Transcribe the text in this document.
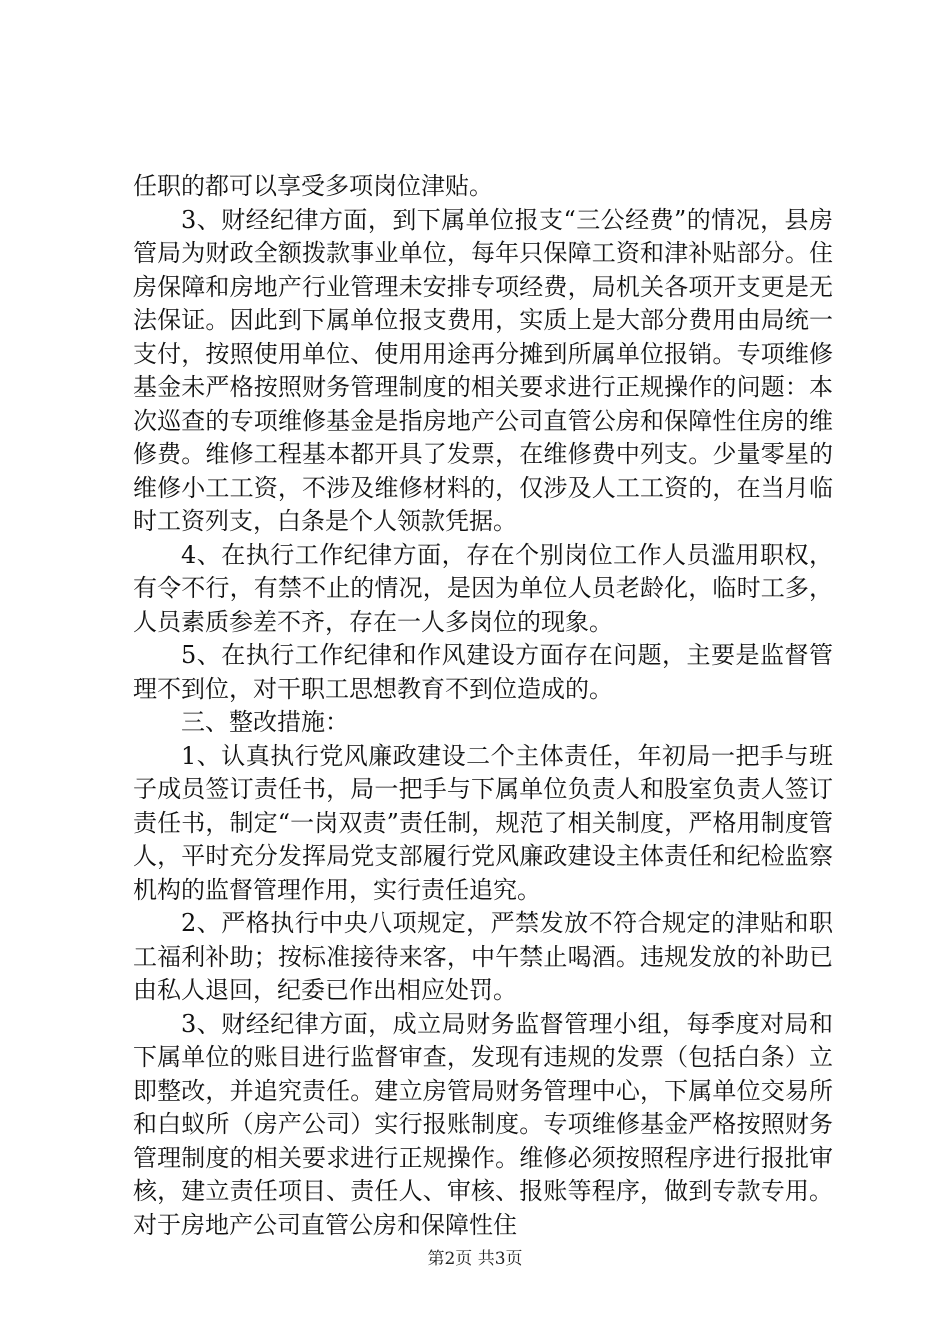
任职的都可以享受多项岗位津贴。

3、财经纪律方面，到下属单位报支“三公经费”的情况，县房管局为财政全额拨款事业单位，每年只保障工资和津补贴部分。住房保障和房地产行业管理未安排专项经费，局机关各项开支更是无法保证。因此到下属单位报支费用，实质上是大部分费用由局统一支付，按照使用单位、使用用途再分摊到所属单位报销。专项维修基金未严格按照财务管理制度的相关要求进行正规操作的问题：本次巡查的专项维修基金是指房地产公司直管公房和保障性住房的维修费。维修工程基本都开具了发票，在维修费中列支。少量零星的维修小工工资，不涉及维修材料的，仅涉及人工工资的，在当月临时工资列支，白条是个人领款凭据。

4、在执行工作纪律方面，存在个别岗位工作人员滥用职权，有令不行，有禁不止的情况，是因为单位人员老龄化，临时工多，人员素质参差不齐，存在一人多岗位的现象。

5、在执行工作纪律和作风建设方面存在问题，主要是监督管理不到位，对干职工思想教育不到位造成的。

三、整改措施：

1、认真执行党风廉政建设二个主体责任，年初局一把手与班子成员签订责任书，局一把手与下属单位负责人和股室负责人签订责任书，制定“一岗双责”责任制，规范了相关制度，严格用制度管人，平时充分发挥局党支部履行党风廉政建设主体责任和纪检监察机构的监督管理作用，实行责任追究。

2、严格执行中央八项规定，严禁发放不符合规定的津贴和职工福利补助；按标准接待来客，中午禁止喝酒。违规发放的补助已由私人退回，纪委已作出相应处罚。

3、财经纪律方面，成立局财务监督管理小组，每季度对局和下属单位的账目进行监督审查，发现有违规的发票（包括白条）立即整改，并追究责任。建立房管局财务管理中心，下属单位交易所和白蚁所（房产公司）实行报账制度。专项维修基金严格按照财务管理制度的相关要求进行正规操作。维修必须按照程序进行报批审核，建立责任项目、责任人、审核、报账等程序，做到专款专用。对于房地产公司直管公房和保障性住

第2页 共3页
